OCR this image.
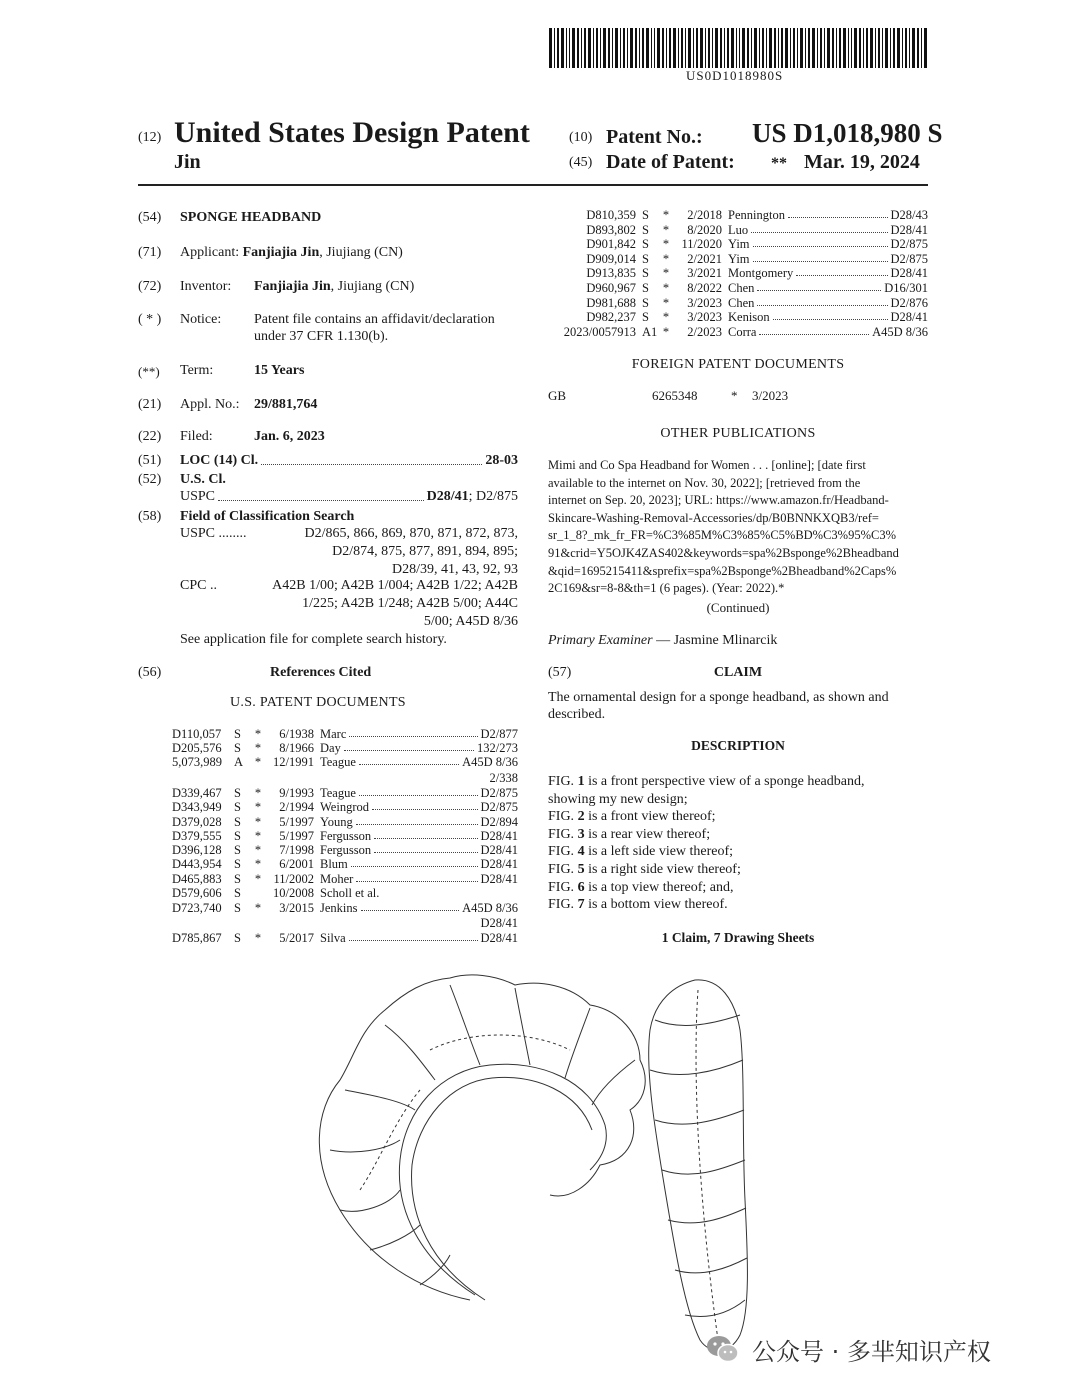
US0D1018980S
(12) United States Design Patent
Jin
(10) Patent No.: US D1,018,980 S
(45) Date of Patent: ** Mar. 19, 2024
(54) SPONGE HEADBAND
(71) Applicant: Fanjiajia Jin, Jiujiang (CN)
(72) Inventor: Fanjiajia Jin, Jiujiang (CN)
( * ) Notice: Patent file contains an affidavit/declaration
under 37 CFR 1.130(b).
(**) Term:	15 Years
(21) Appl. No.: 29/881,764
(22) Filed:	Jan. 6, 2023
(51) LOC (14) Cl.	28-03
(52) U.S. Cl.
USPC	D28/41; D2/875
(58) Field of Classification Search
USPC ........	D2/865, 866, 869, 870, 871, 872, 873,
D2/874, 875, 877, 891, 894, 895;
D28/39, 41, 43, 92, 93
CPC ..	A42B 1/00; A42B 1/004; A42B 1/22; A42B
1/225; A42B 1/248; A42B 5/00; A44C
5/00; A45D 8/36
See application file for complete search history.
(56)	References Cited
U.S. PATENT DOCUMENTS
D110,057	S	*	6/1938 Marc	D2/877
D205,576 S	*	8/1966 Day	132/273
5,073,989 A * 12/1991 Teague	A45D 8/36
2/338
D339,467 S	*	9/1993 Teague	D2/875
D343,949 S	*	2/1994 Weingrod	D2/875
D379,028 S	*	5/1997 Young	D2/894
D379,555 S	*	5/1997 Fergusson	D28/41
D396,128 S	*	7/1998 Fergusson	D28/41
D443,954 S	*	6/2001 Blum	D28/41
D465,883 S	* 11/2002 Moher	D28/41
D579,606 S	10/2008 Scholl et al.
D723,740 S	*	3/2015 Jenkins	A45D 8/36
D28/41
D785,867 S	*	5/2017 Silva	D28/41
D810,359 S	*	2/2018 Pennington	D28/43
D893,802 S	*	8/2020 Luo	D28/41
D901,842 S	* 11/2020 Yim	D2/875
D909,014 S	*	2/2021 Yim	D2/875
D913,835 S	*	3/2021 Montgomery	D28/41
D960,967 S	*	8/2022 Chen	D16/301
D981,688 S	*	3/2023 Chen	D2/876
D982,237 S	*	3/2023 Kenison	D28/41
2023/0057913 A1 *	2/2023 Corra	A45D 8/36
FOREIGN PATENT DOCUMENTS
GB	6265348	* 3/2023
OTHER PUBLICATIONS
Mimi and Co Spa Headband for Women . . . [online]; [date first
available to the internet on Nov. 30, 2022]; [retrieved from the
internet on Sep. 20, 2023]; URL: https://www.amazon.fr/Headband-
Skincare-Washing-Removal-Accessories/dp/B0BNNKXQB3/ref=
sr_1_8?_mk_fr_FR=%C3%85M%C3%85%C5%BD%C3%95%C3%
91&crid=Y5OJK4ZAS402&keywords=spa%2Bsponge%2Bheadband
&qid=1695215411&sprefix=spa%2Bsponge%2Bheadband%2Caps%
2C169&sr=8-8&th=1 (6 pages). (Year: 2022).*
(Continued)
Primary Examiner — Jasmine Mlinarcik
(57)	CLAIM
The ornamental design for a sponge headband, as shown and
described.
DESCRIPTION
FIG. 1 is a front perspective view of a sponge headband,
showing my new design;
FIG. 2 is a front view thereof;
FIG. 3 is a rear view thereof;
FIG. 4 is a left side view thereof;
FIG. 5 is a right side view thereof;
FIG. 6 is a top view thereof; and,
FIG. 7 is a bottom view thereof.
1 Claim, 7 Drawing Sheets
公众号 · 多芈知识产权
